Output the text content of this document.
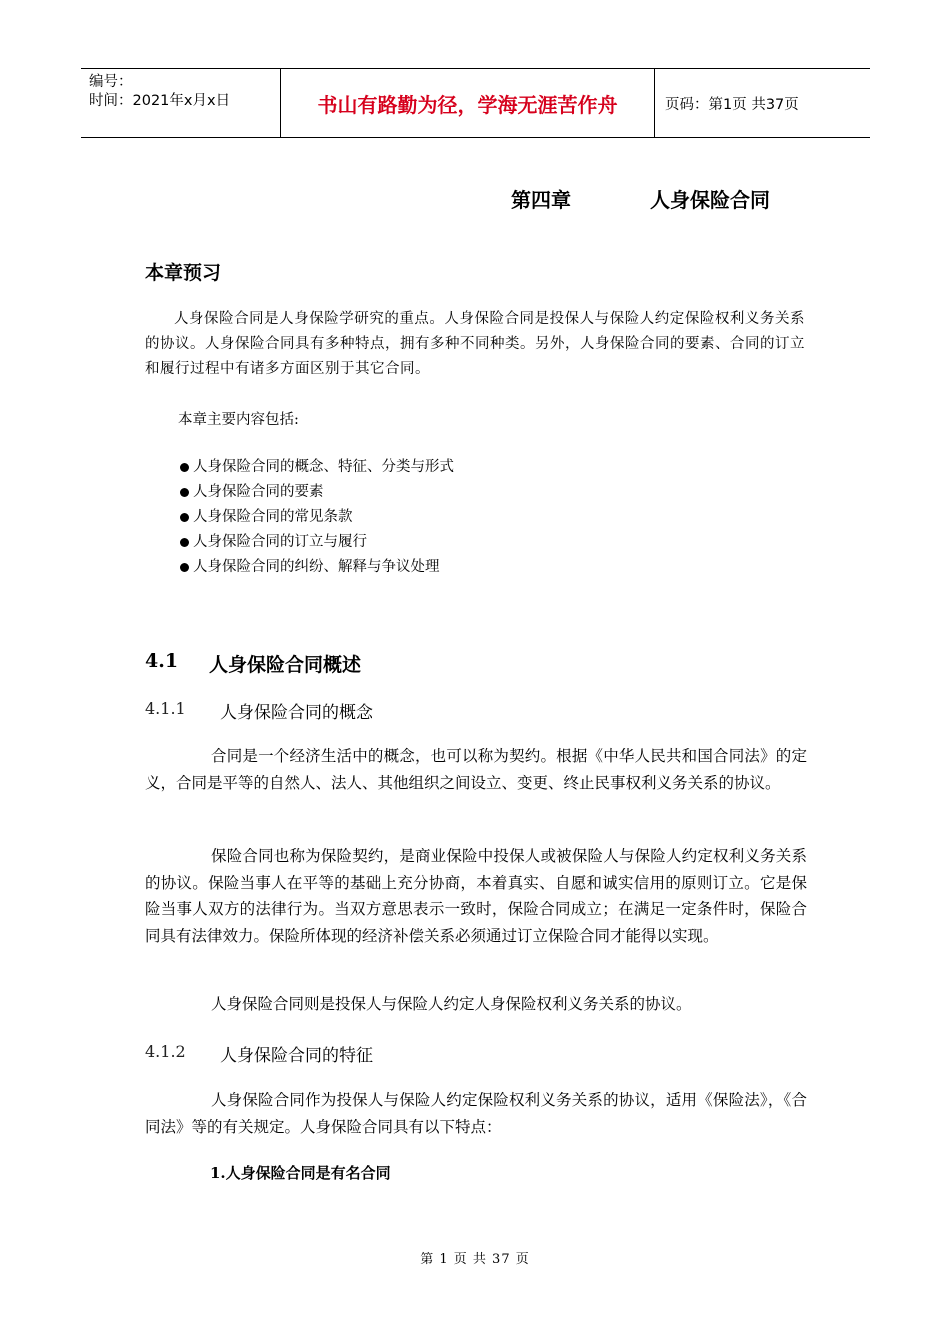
编号：
时间：2021年x月x日	书山有路勤为径，学海无涯苦作舟	页码：第1页 共37页
第四章	人身保险合同
本章预习
人身保险合同是人身保险学研究的重点。人身保险合同是投保人与保险人约定保险权利义务关系的协议。人身保险合同具有多种特点，拥有多种不同种类。另外，人身保险合同的要素、合同的订立和履行过程中有诸多方面区别于其它合同。
本章主要内容包括:
人身保险合同的概念、特征、分类与形式
人身保险合同的要素
人身保险合同的常见条款
人身保险合同的订立与履行
人身保险合同的纠纷、解释与争议处理
4.1 人身保险合同概述
4.1.1 人身保险合同的概念
合同是一个经济生活中的概念，也可以称为契约。根据《中华人民共和国合同法》的定义，合同是平等的自然人、法人、其他组织之间设立、变更、终止民事权利义务关系的协议。
保险合同也称为保险契约，是商业保险中投保人或被保险人与保险人约定权利义务关系的协议。保险当事人在平等的基础上充分协商，本着真实、自愿和诚实信用的原则订立。它是保险当事人双方的法律行为。当双方意思表示一致时，保险合同成立；在满足一定条件时，保险合同具有法律效力。保险所体现的经济补偿关系必须通过订立保险合同才能得以实现。
人身保险合同则是投保人与保险人约定人身保险权利义务关系的协议。
4.1.2 人身保险合同的特征
人身保险合同作为投保人与保险人约定保险权利义务关系的协议，适用《保险法》，《合同法》等的有关规定。人身保险合同具有以下特点：
1.人身保险合同是有名合同
第 1 页 共 37 页
